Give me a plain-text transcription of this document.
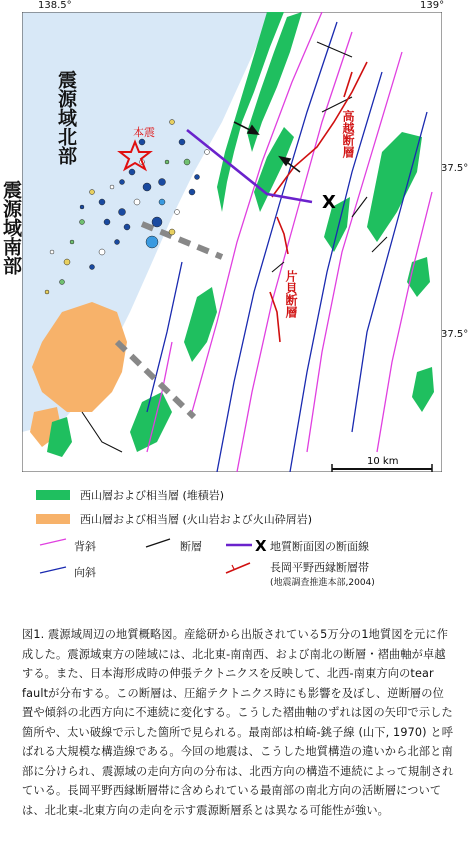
138.5°	139°
37.5°
37.5°
X
本震
10 km
震源域北部
震源域南部
高越断層
片貝断層
西山層および相当層 (堆積岩)
西山層および相当層 (火山岩および火山砕屑岩)
X
背斜
向斜
断層	地質断面図の断面線
長岡平野西縁断層帯
(地震調査推進本部,2004)
図1. 震源域周辺の地質概略図。産総研から出版されている5万分の1地質図を元に作成した。震源域東方の陸域には、北北東-南南西、および南北の断層・褶曲軸が卓越する。また、日本海形成時の伸張テクトニクスを反映して、北西-南東方向のtear faultが分布する。この断層は、圧縮テクトニクス時にも影響を及ぼし、逆断層の位置や傾斜の北西方向に不連続に変化する。こうした褶曲軸のずれは図の矢印で示した箇所や、太い破線で示した箇所で見られる。最南部は柏崎-銚子線 (山下, 1970) と呼ばれる大規模な構造線である。今回の地震は、こうした地質構造の違いから北部と南部に分けられ、震源域の走向方向の分布は、北西方向の構造不連続によって規制されている。長岡平野西縁断層帯に含められている最南部の南北方向の活断層については、北北東-北東方向の走向を示す震源断層系とは異なる可能性が強い。
